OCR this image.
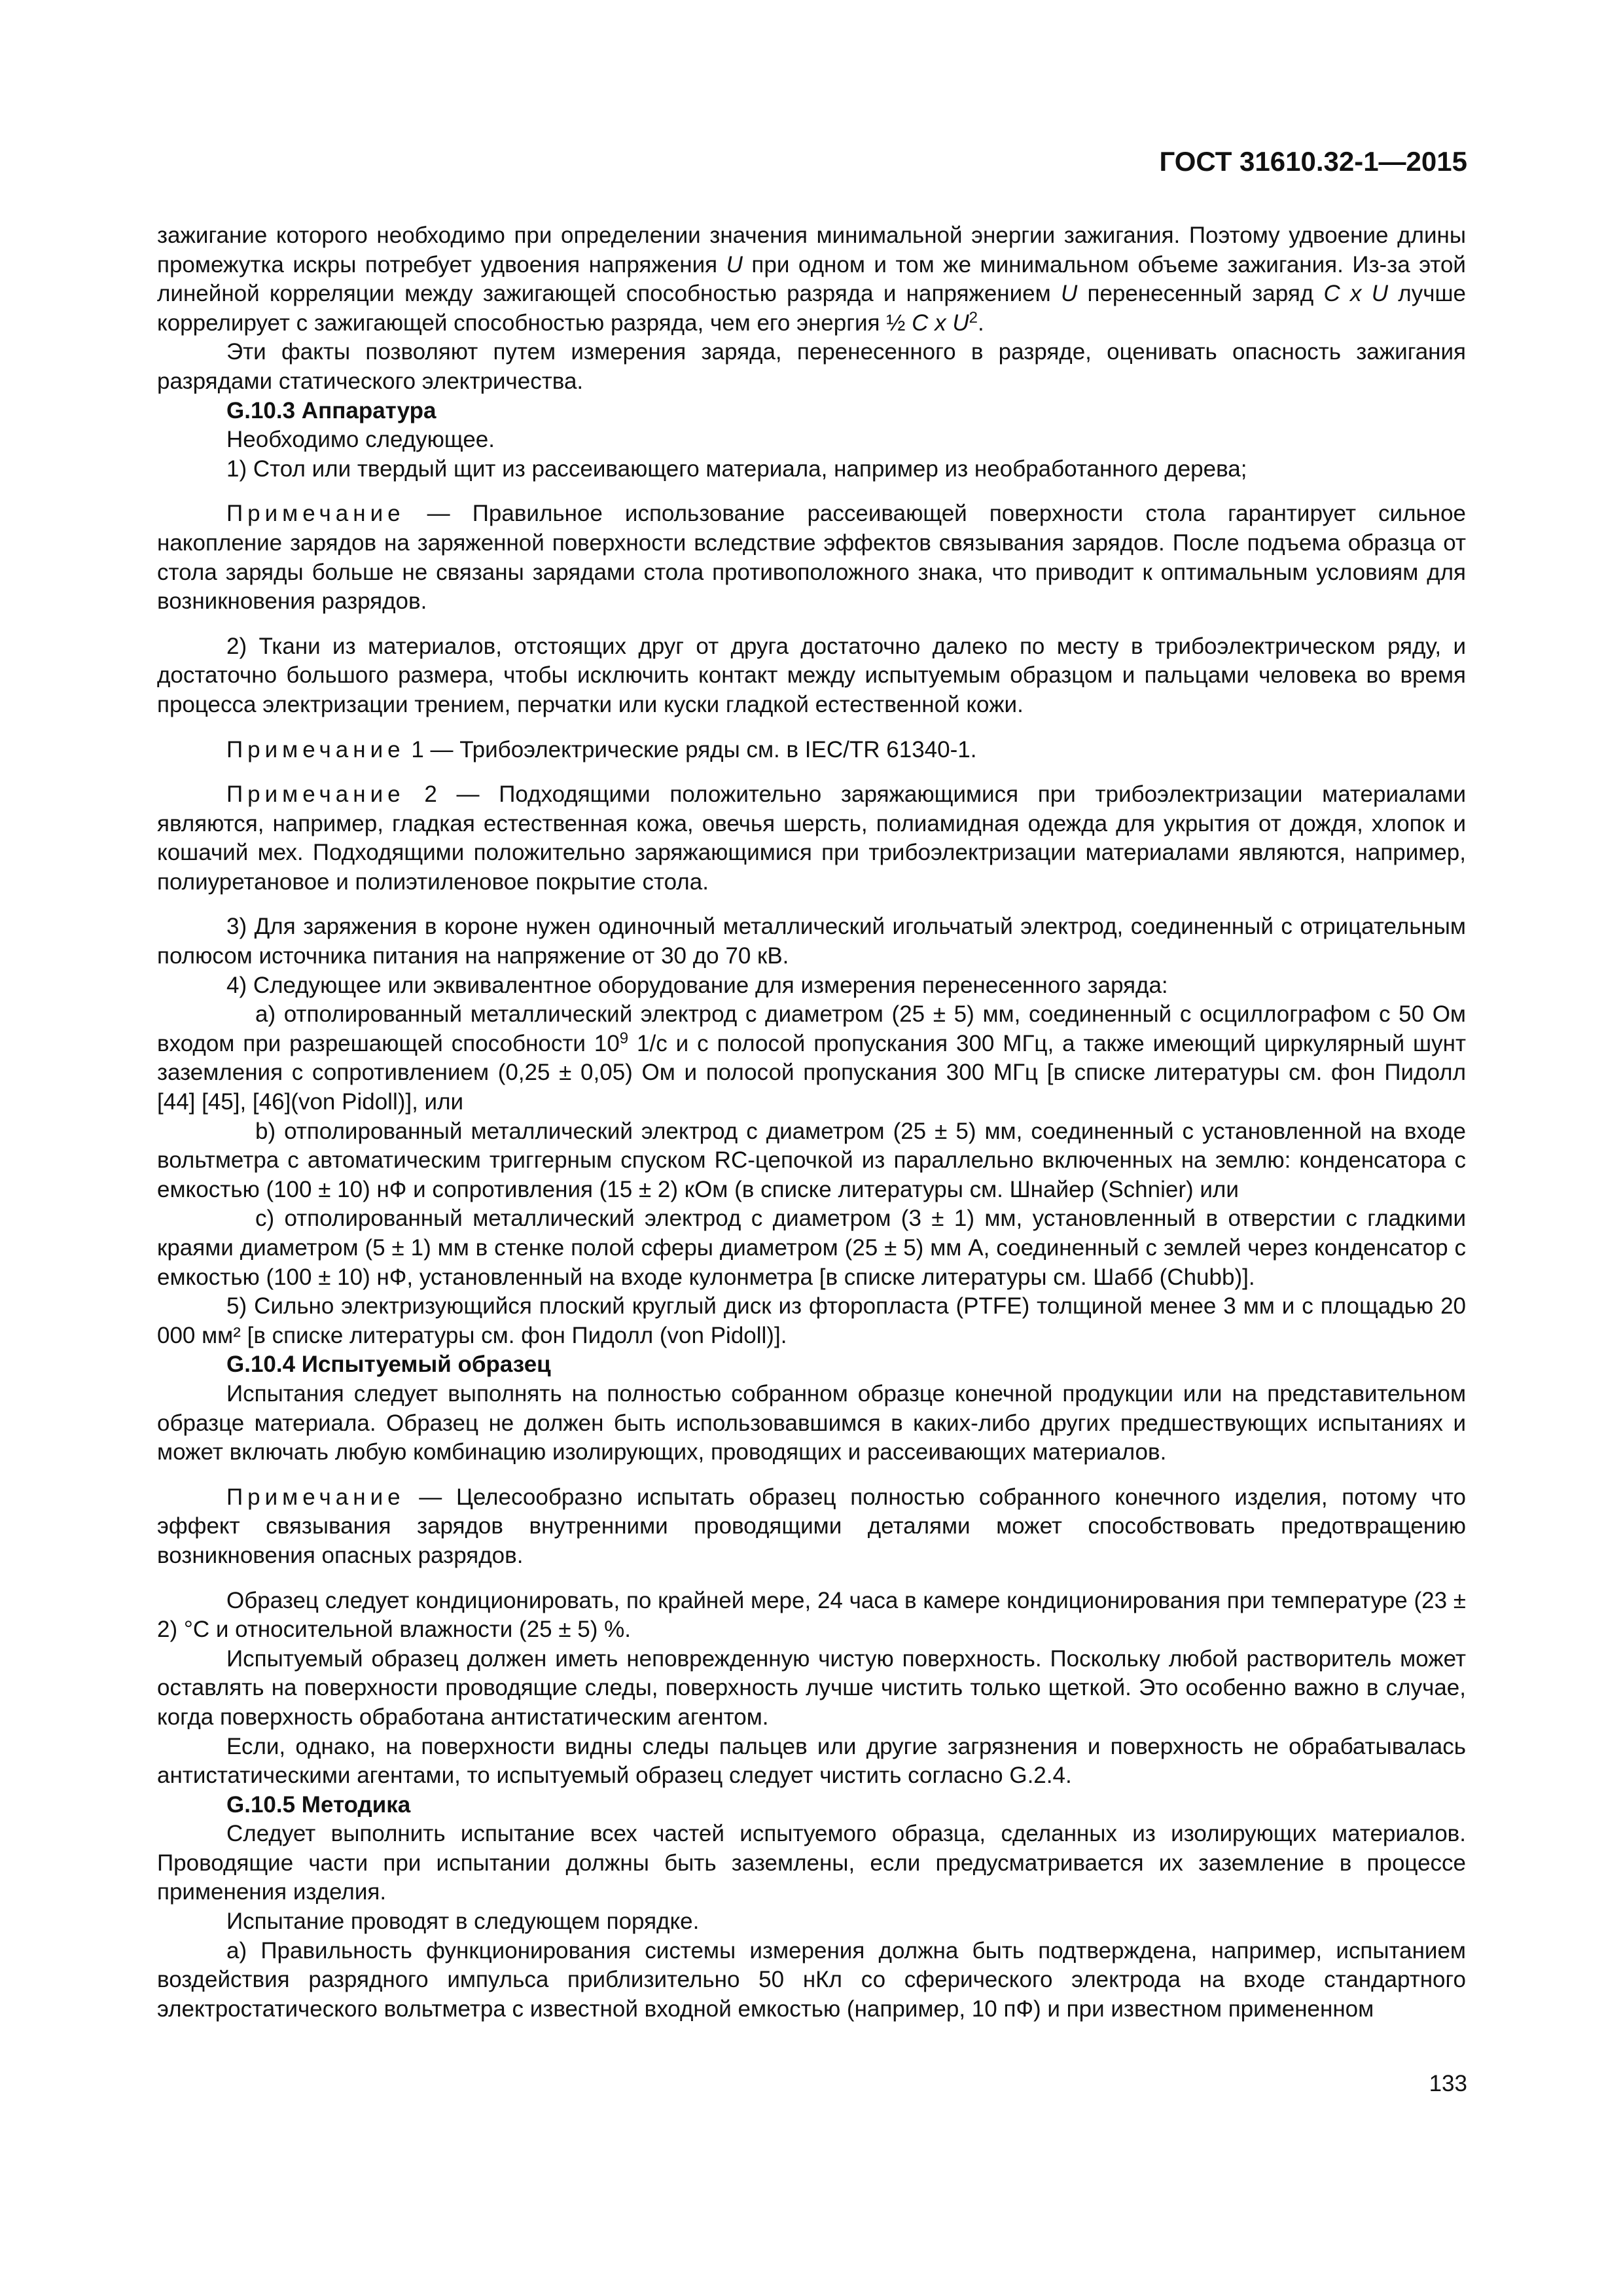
ГОСТ 31610.32-1—2015

зажигание которого необходимо при определении значения минимальной энергии зажигания. Поэтому удвоение длины промежутка искры потребует удвоения напряжения U при одном и том же минимальном объеме зажигания. Из-за этой линейной корреляции между зажигающей способностью разряда и напряжением U перенесенный заряд C x U лучше коррелирует с зажигающей способностью разряда, чем его энергия ½ C x $U^2$.

Эти факты позволяют путем измерения заряда, перенесенного в разряде, оценивать опасность зажигания разрядами статического электричества.

G.10.3 Аппаратура

Необходимо следующее.

1) Стол или твердый щит из рассеивающего материала, например из необработанного дерева;

Примечание — Правильное использование рассеивающей поверхности стола гарантирует сильное накопление зарядов на заряженной поверхности вследствие эффектов связывания зарядов. После подъема образца от стола заряды больше не связаны зарядами стола противоположного знака, что приводит к оптимальным условиям для возникновения разрядов.

2) Ткани из материалов, отстоящих друг от друга достаточно далеко по месту в трибоэлектрическом ряду, и достаточно большого размера, чтобы исключить контакт между испытуемым образцом и пальцами человека во время процесса электризации трением, перчатки или куски гладкой естественной кожи.

Примечание 1 — Трибоэлектрические ряды см. в IEC/TR 61340-1.

Примечание 2 — Подходящими положительно заряжающимися при трибоэлектризации материалами являются, например, гладкая естественная кожа, овечья шерсть, полиамидная одежда для укрытия от дождя, хлопок и кошачий мех. Подходящими положительно заряжающимися при трибоэлектризации материалами являются, например, полиуретановое и полиэтиленовое покрытие стола.

3) Для заряжения в короне нужен одиночный металлический игольчатый электрод, соединенный с отрицательным полюсом источника питания на напряжение от 30 до 70 кВ.

4) Следующее или эквивалентное оборудование для измерения перенесенного заряда:

a) отполированный металлический электрод с диаметром (25 ± 5) мм, соединенный с осциллографом с 50 Ом входом при разрешающей способности $10^9$ 1/с и с полосой пропускания 300 МГц, а также имеющий циркулярный шунт заземления с сопротивлением (0,25 ± 0,05) Ом и полосой пропускания 300 МГц [в списке литературы см. фон Пидолл [44] [45], [46](von Pidoll)], или

b) отполированный металлический электрод с диаметром (25 ± 5) мм, соединенный с установленной на входе вольтметра с автоматическим триггерным спуском RC-цепочкой из параллельно включенных на землю: конденсатора с емкостью (100 ± 10) нФ и сопротивления (15 ± 2) кОм (в списке литературы см. Шнайер (Schnier) или

c) отполированный металлический электрод с диаметром (3 ± 1) мм, установленный в отверстии с гладкими краями диаметром (5 ± 1) мм в стенке полой сферы диаметром (25 ± 5) мм A, соединенный с землей через конденсатор с емкостью (100 ± 10) нФ, установленный на входе кулонметра [в списке литературы см. Шабб (Chubb)].

5) Сильно электризующийся плоский круглый диск из фторопласта (PTFE) толщиной менее 3 мм и с площадью 20 000 мм² [в списке литературы см. фон Пидолл (von Pidoll)].

G.10.4 Испытуемый образец

Испытания следует выполнять на полностью собранном образце конечной продукции или на представительном образце материала. Образец не должен быть использовавшимся в каких-либо других предшествующих испытаниях и может включать любую комбинацию изолирующих, проводящих и рассеивающих материалов.

Примечание — Целесообразно испытать образец полностью собранного конечного изделия, потому что эффект связывания зарядов внутренними проводящими деталями может способствовать предотвращению возникновения опасных разрядов.

Образец следует кондиционировать, по крайней мере, 24 часа в камере кондиционирования при температуре (23 ± 2) °С и относительной влажности (25 ± 5) %.

Испытуемый образец должен иметь неповрежденную чистую поверхность. Поскольку любой растворитель может оставлять на поверхности проводящие следы, поверхность лучше чистить только щеткой. Это особенно важно в случае, когда поверхность обработана антистатическим агентом.

Если, однако, на поверхности видны следы пальцев или другие загрязнения и поверхность не обрабатывалась антистатическими агентами, то испытуемый образец следует чистить согласно G.2.4.

G.10.5 Методика

Следует выполнить испытание всех частей испытуемого образца, сделанных из изолирующих материалов. Проводящие части при испытании должны быть заземлены, если предусматривается их заземление в процессе применения изделия.

Испытание проводят в следующем порядке.

a) Правильность функционирования системы измерения должна быть подтверждена, например, испытанием воздействия разрядного импульса приблизительно 50 нКл со сферического электрода на входе стандартного электростатического вольтметра с известной входной емкостью (например, 10 пФ) и при известном примененном

133
